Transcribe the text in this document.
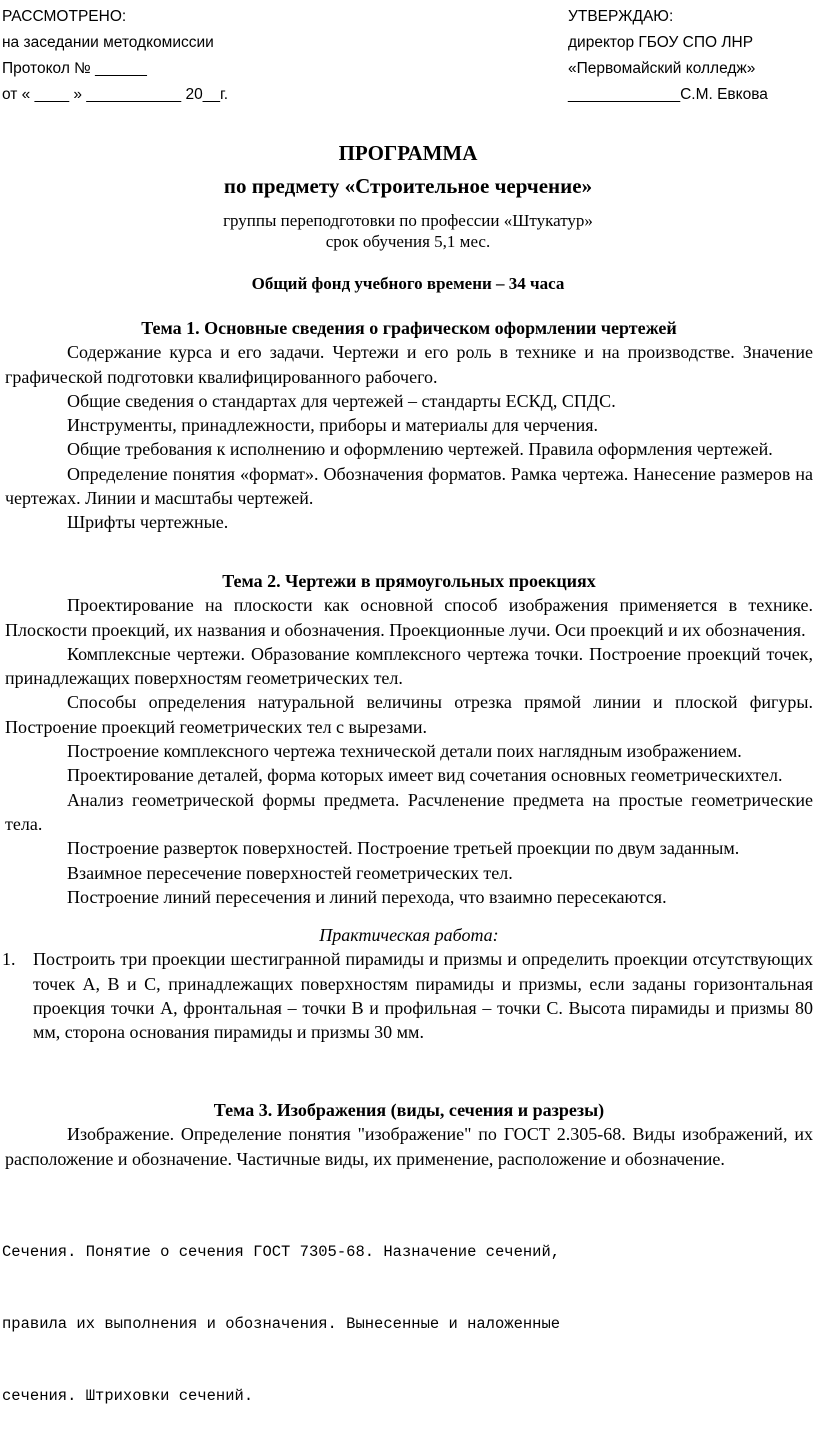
РАССМОТРЕНО:
на заседании методкомиссии
Протокол № ______
от « ____ » ___________ 20__г.
УТВЕРЖДАЮ:
директор ГБОУ СПО ЛНР
«Первомайский колледж»
_____________С.М. Евкова
ПРОГРАММА
по предмету «Строительное черчение»
группы переподготовки по профессии «Штукатур»
срок обучения 5,1 мес.
Общий фонд учебного времени – 34 часа
Тема 1. Основные сведения о графическом оформлении чертежей

Содержание курса и его задачи. Чертежи и его роль в технике и на производстве. Значение графической подготовки квалифицированного рабочего.

Общие сведения о стандартах для чертежей – стандарты ЕСКД, СПДС.

Инструменты, принадлежности, приборы и материалы для черчения.

Общие требования к исполнению и оформлению чертежей. Правила оформления чертежей.

Определение понятия «формат». Обозначения форматов. Рамка чертежа. Нанесение размеров на чертежах. Линии и масштабы чертежей.

Шрифты чертежные.

Тема 2. Чертежи в прямоугольных проекциях

Проектирование на плоскости как основной способ изображения применяется в технике. Плоскости проекций, их названия и обозначения. Проекционные лучи. Оси проекций и их обозначения.

Комплексные чертежи. Образование комплексного чертежа точки. Построение проекций точек, принадлежащих поверхностям геометрических тел.

Способы определения натуральной величины отрезка прямой линии и плоской фигуры. Построение проекций геометрических тел с вырезами.

Построение комплексного чертежа технической детали поих наглядным изображением.

Проектирование деталей, форма которых имеет вид сочетания основных геометрическихтел.

Анализ геометрической формы предмета. Расчленение предмета на простые геометрические тела.

Построение разверток поверхностей. Построение третьей проекции по двум заданным.

Взаимное пересечение поверхностей геометрических тел.

Построение линий пересечения и линий перехода, что взаимно пересекаются.

Практическая работа:
1. Построить три проекции шестигранной пирамиды и призмы и определить проекции отсутствующих точек А, В и С, принадлежащих поверхностям пирамиды и призмы, если заданы горизонтальная проекция точки А, фронтальная – точки В и профильная – точки С. Высота пирамиды и призмы 80 мм, сторона основания пирамиды и призмы 30 мм.
Тема 3. Изображения (виды, сечения и разрезы)

Изображение. Определение понятия "изображение" по ГОСТ 2.305-68. Виды изображений, их расположение и обозначение. Частичные виды, их применение, расположение и обозначение.

Сечения. Понятие о сечения ГОСТ 7305-68. Назначение сечений,

правила их выполнения и обозначения. Вынесенные и наложенные

сечения. Штриховки сечений.
